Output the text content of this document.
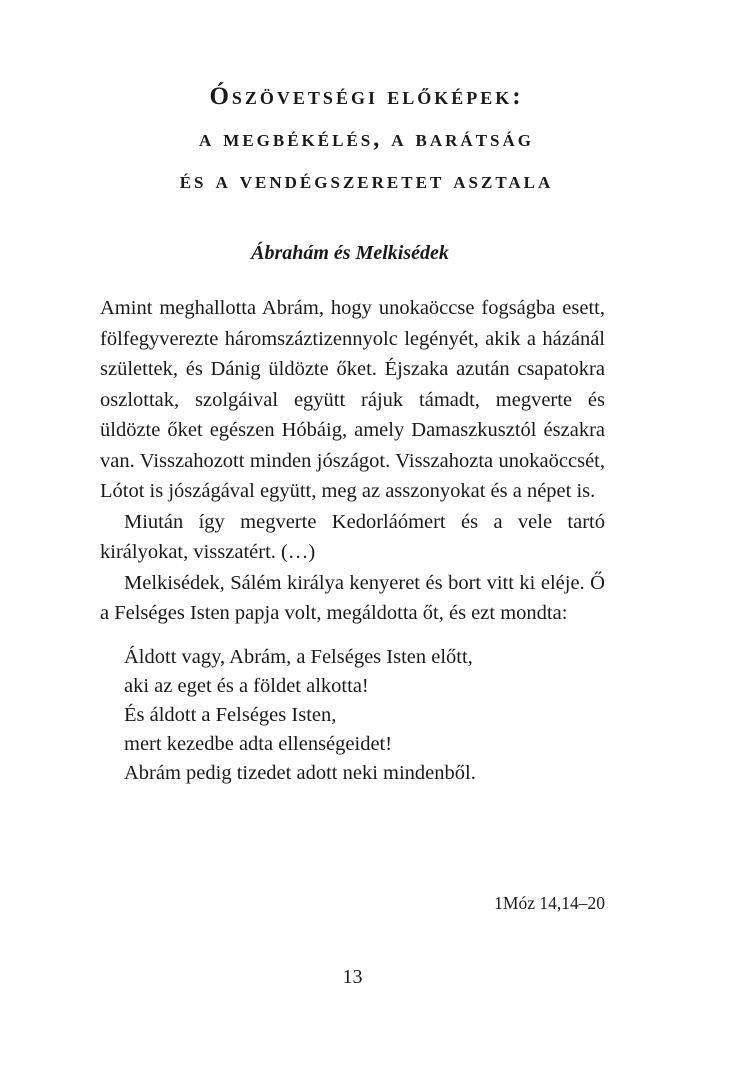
Ószövetségi előképek:
a megbékélés, a barátság
és a vendégszeretet asztala
Ábrahám és Melkisédek

Amint meghallotta Abrám, hogy unokaöccse fogságba esett, fölfegyverezte háromszáztizennyolc legényét, akik a házánál születtek, és Dánig üldözte őket. Éjszaka azután csapatokra oszlottak, szolgáival együtt rájuk támadt, megverte és üldözte őket egészen Hóbáig, amely Damaszkusztól északra van. Visszahozott minden jószágot. Visszahozta unokaöccsét, Lótot is jószágával együtt, meg az asszonyokat és a népet is.

Miután így megverte Kedorláómert és a vele tartó királyokat, visszatért. (…)

Melkisédek, Sálém királya kenyeret és bort vitt ki eléje. Ő a Felséges Isten papja volt, megáldotta őt, és ezt mondta:

Áldott vagy, Abrám, a Felséges Isten előtt,
aki az eget és a földet alkotta!
És áldott a Felséges Isten,
mert kezedbe adta ellenségeidet!
Abrám pedig tizedet adott neki mindenből.

1Móz 14,14–20

13
